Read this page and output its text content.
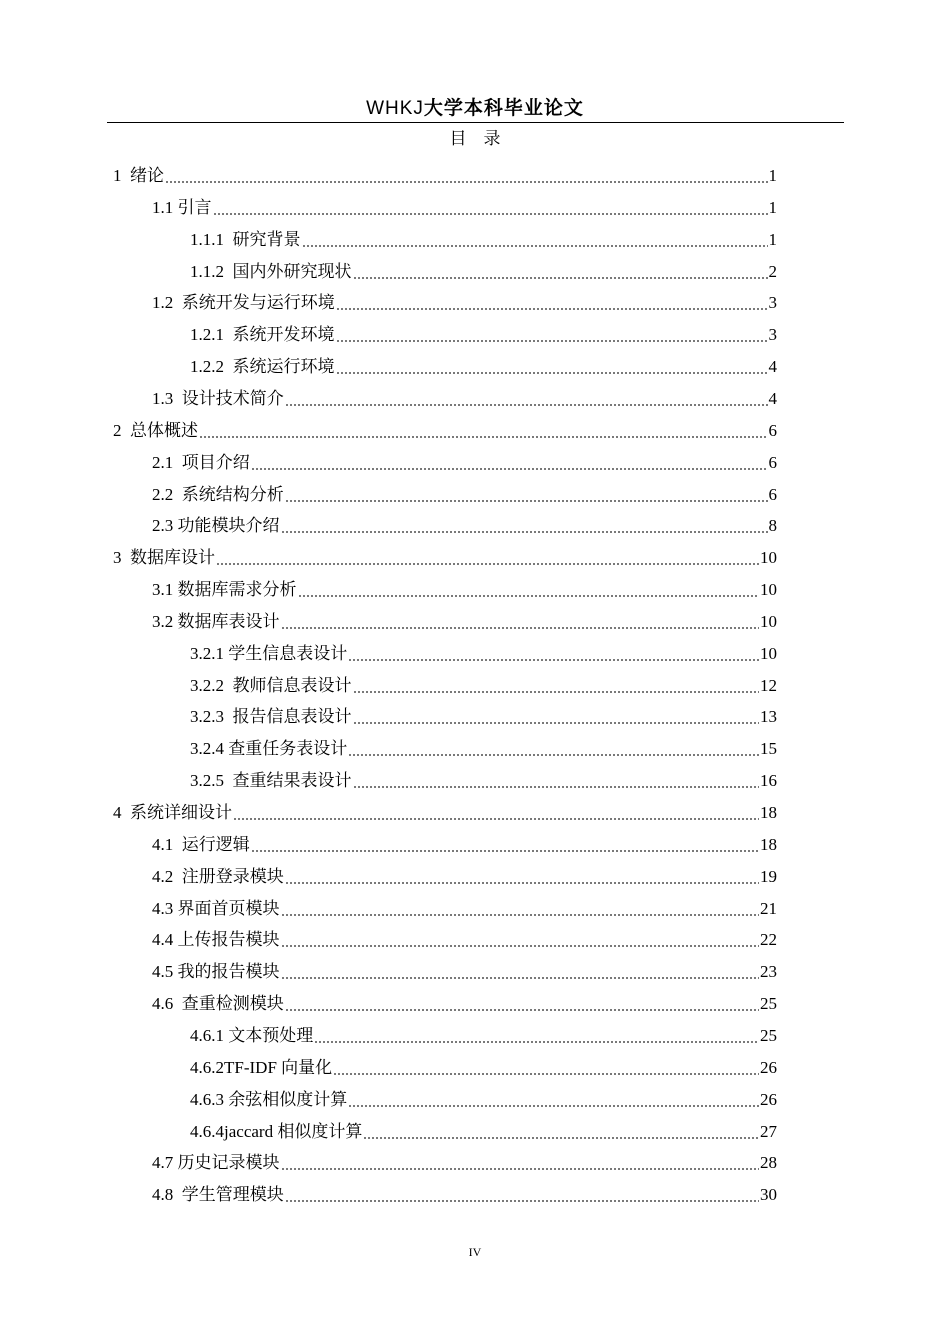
WHKJ大学本科毕业论文
目    录
1  绪论	1
1.1 引言	1
1.1.1  研究背景	1
1.1.2  国内外研究现状	2
1.2  系统开发与运行环境	3
1.2.1  系统开发环境	3
1.2.2  系统运行环境	4
1.3  设计技术简介	4
2  总体概述	6
2.1  项目介绍	6
2.2  系统结构分析	6
2.3 功能模块介绍	8
3  数据库设计	10
3.1 数据库需求分析	10
3.2 数据库表设计	10
3.2.1 学生信息表设计	10
3.2.2  教师信息表设计	12
3.2.3  报告信息表设计	13
3.2.4 查重任务表设计	15
3.2.5  查重结果表设计	16
4  系统详细设计	18
4.1  运行逻辑	18
4.2  注册登录模块	19
4.3 界面首页模块	21
4.4 上传报告模块	22
4.5 我的报告模块	23
4.6  查重检测模块	25
4.6.1 文本预处理	25
4.6.2TF-IDF 向量化	26
4.6.3 余弦相似度计算	26
4.6.4jaccard 相似度计算	27
4.7 历史记录模块	28
4.8  学生管理模块	30
IV
